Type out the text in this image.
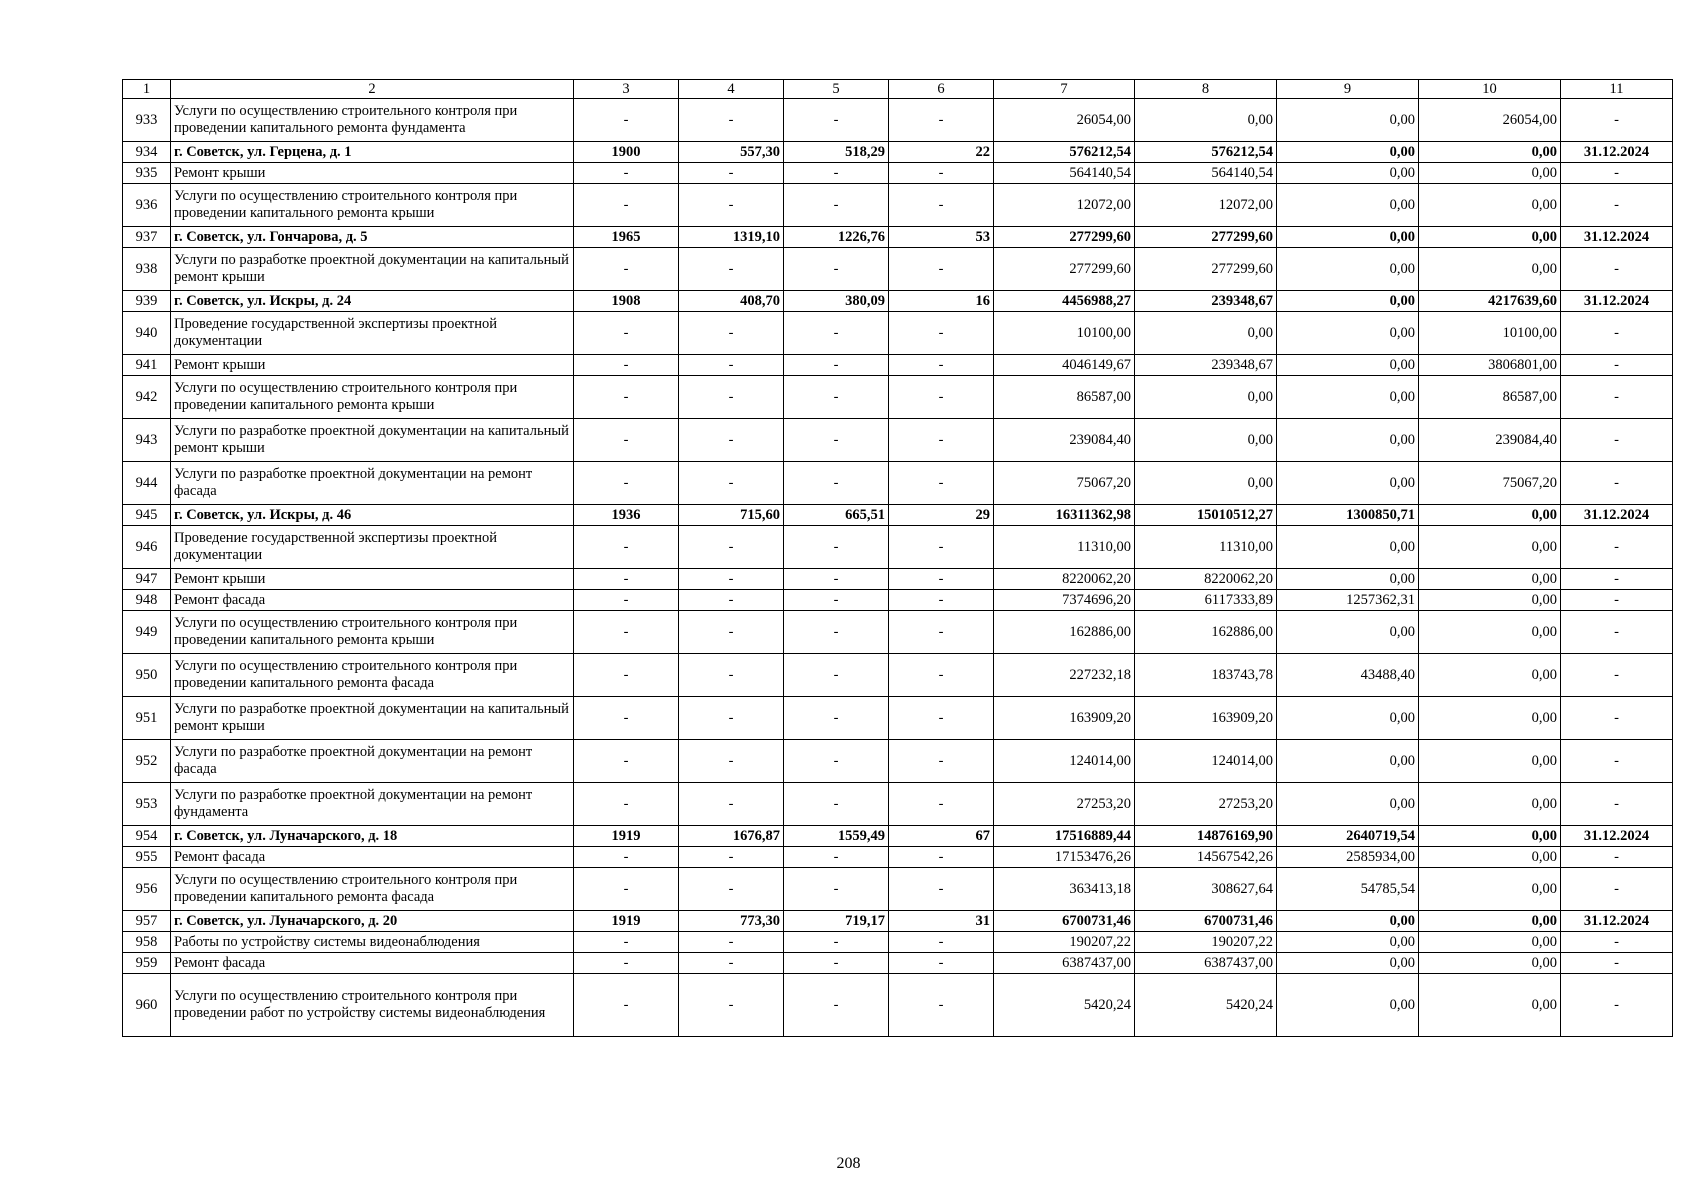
1	2	3	4	5	6	7	8	9	10	11
933	Услуги по осуществлению строительного контроля при проведении капитального ремонта фундамента	-	-	-	-	26054,00	0,00	0,00	26054,00	-
934	г. Советск, ул. Герцена, д. 1	1900	557,30	518,29	22	576212,54	576212,54	0,00	0,00	31.12.2024
935	Ремонт крыши	-	-	-	-	564140,54	564140,54	0,00	0,00	-
936	Услуги по осуществлению строительного контроля при проведении капитального ремонта крыши	-	-	-	-	12072,00	12072,00	0,00	0,00	-
937	г. Советск, ул. Гончарова, д. 5	1965	1319,10	1226,76	53	277299,60	277299,60	0,00	0,00	31.12.2024
938	Услуги по разработке проектной документации на капитальный ремонт крыши	-	-	-	-	277299,60	277299,60	0,00	0,00	-
939	г. Советск, ул. Искры, д. 24	1908	408,70	380,09	16	4456988,27	239348,67	0,00	4217639,60	31.12.2024
940	Проведение государственной экспертизы проектной документации	-	-	-	-	10100,00	0,00	0,00	10100,00	-
941	Ремонт крыши	-	-	-	-	4046149,67	239348,67	0,00	3806801,00	-
942	Услуги по осуществлению строительного контроля при проведении капитального ремонта крыши	-	-	-	-	86587,00	0,00	0,00	86587,00	-
943	Услуги по разработке проектной документации на капитальный ремонт крыши	-	-	-	-	239084,40	0,00	0,00	239084,40	-
944	Услуги по разработке проектной документации на ремонт фасада	-	-	-	-	75067,20	0,00	0,00	75067,20	-
945	г. Советск, ул. Искры, д. 46	1936	715,60	665,51	29	16311362,98	15010512,27	1300850,71	0,00	31.12.2024
946	Проведение государственной экспертизы проектной документации	-	-	-	-	11310,00	11310,00	0,00	0,00	-
947	Ремонт крыши	-	-	-	-	8220062,20	8220062,20	0,00	0,00	-
948	Ремонт фасада	-	-	-	-	7374696,20	6117333,89	1257362,31	0,00	-
949	Услуги по осуществлению строительного контроля при проведении капитального ремонта крыши	-	-	-	-	162886,00	162886,00	0,00	0,00	-
950	Услуги по осуществлению строительного контроля при проведении капитального ремонта фасада	-	-	-	-	227232,18	183743,78	43488,40	0,00	-
951	Услуги по разработке проектной документации на капитальный ремонт крыши	-	-	-	-	163909,20	163909,20	0,00	0,00	-
952	Услуги по разработке проектной документации на ремонт фасада	-	-	-	-	124014,00	124014,00	0,00	0,00	-
953	Услуги по разработке проектной документации на ремонт фундамента	-	-	-	-	27253,20	27253,20	0,00	0,00	-
954	г. Советск, ул. Луначарского, д. 18	1919	1676,87	1559,49	67	17516889,44	14876169,90	2640719,54	0,00	31.12.2024
955	Ремонт фасада	-	-	-	-	17153476,26	14567542,26	2585934,00	0,00	-
956	Услуги по осуществлению строительного контроля при проведении капитального ремонта фасада	-	-	-	-	363413,18	308627,64	54785,54	0,00	-
957	г. Советск, ул. Луначарского, д. 20	1919	773,30	719,17	31	6700731,46	6700731,46	0,00	0,00	31.12.2024
958	Работы по устройству системы видеонаблюдения	-	-	-	-	190207,22	190207,22	0,00	0,00	-
959	Ремонт фасада	-	-	-	-	6387437,00	6387437,00	0,00	0,00	-
960	Услуги по осуществлению строительного контроля при проведении работ по устройству системы видеонаблюдения	-	-	-	-	5420,24	5420,24	0,00	0,00	-
208
